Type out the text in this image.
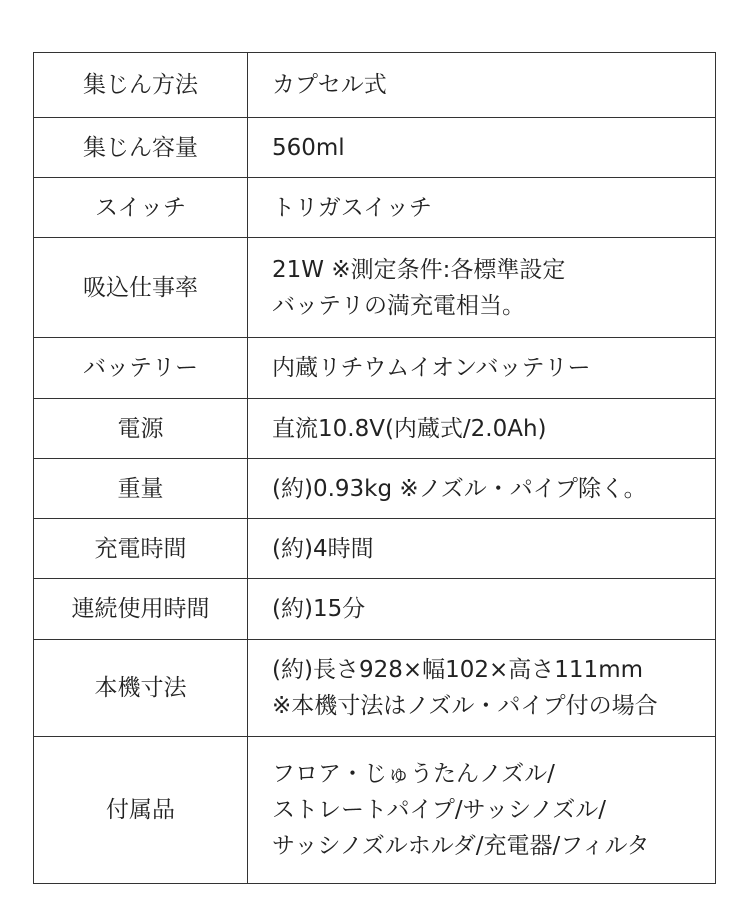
集じん方法	カプセル式

集じん容量	560ml

スイッチ	トリガスイッチ

吸込仕事率	21W ※測定条件:各標準設定
バッテリの満充電相当。

バッテリー	内蔵リチウムイオンバッテリー

電源	直流10.8V(内蔵式/2.0Ah)

重量	(約)0.93kg ※ノズル・パイプ除く。

充電時間	(約)4時間

連続使用時間	(約)15分

本機寸法	(約)長さ928×幅102×高さ111mm
※本機寸法はノズル・パイプ付の場合

付属品	フロア・じゅうたんノズル/
ストレートパイプ/サッシノズル/
サッシノズルホルダ/充電器/フィルタ
